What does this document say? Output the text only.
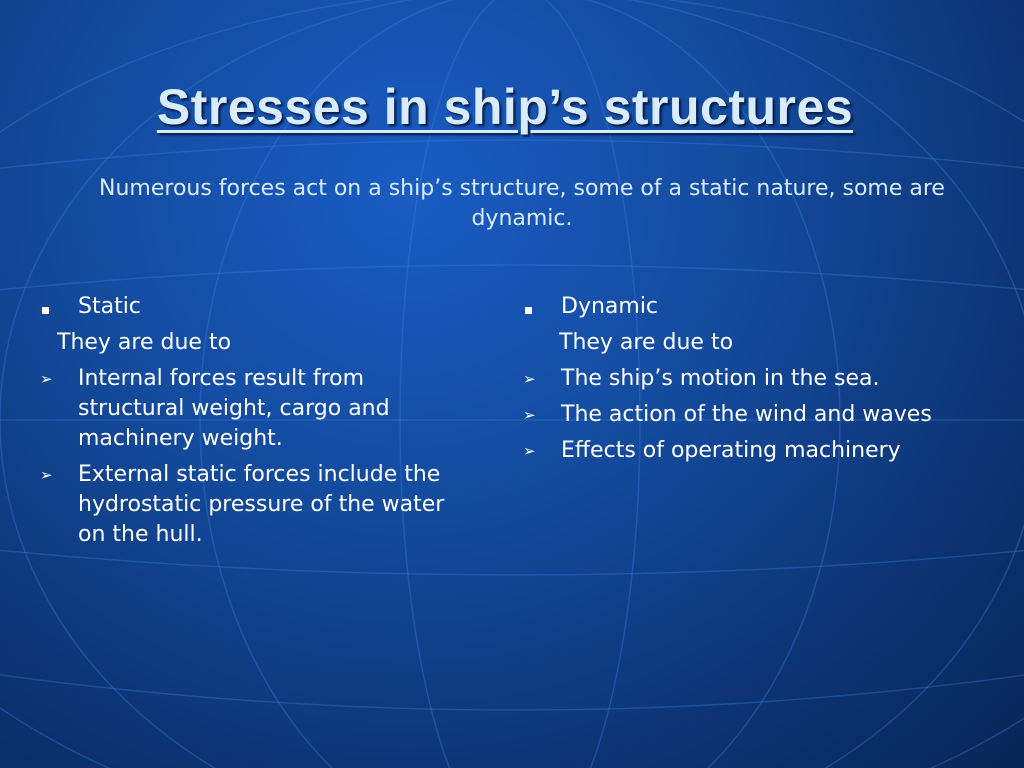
Stresses in ship’s structures
Numerous forces act on a ship’s structure, some of a static nature, some are dynamic.
Static
They are due to
➢ Internal forces result from structural weight, cargo and machinery weight.
➢ External static forces include the hydrostatic pressure of the water on the hull.
Dynamic
They are due to
➢ The ship’s motion in the sea.
➢ The action of the wind and waves
➢ Effects of operating machinery
